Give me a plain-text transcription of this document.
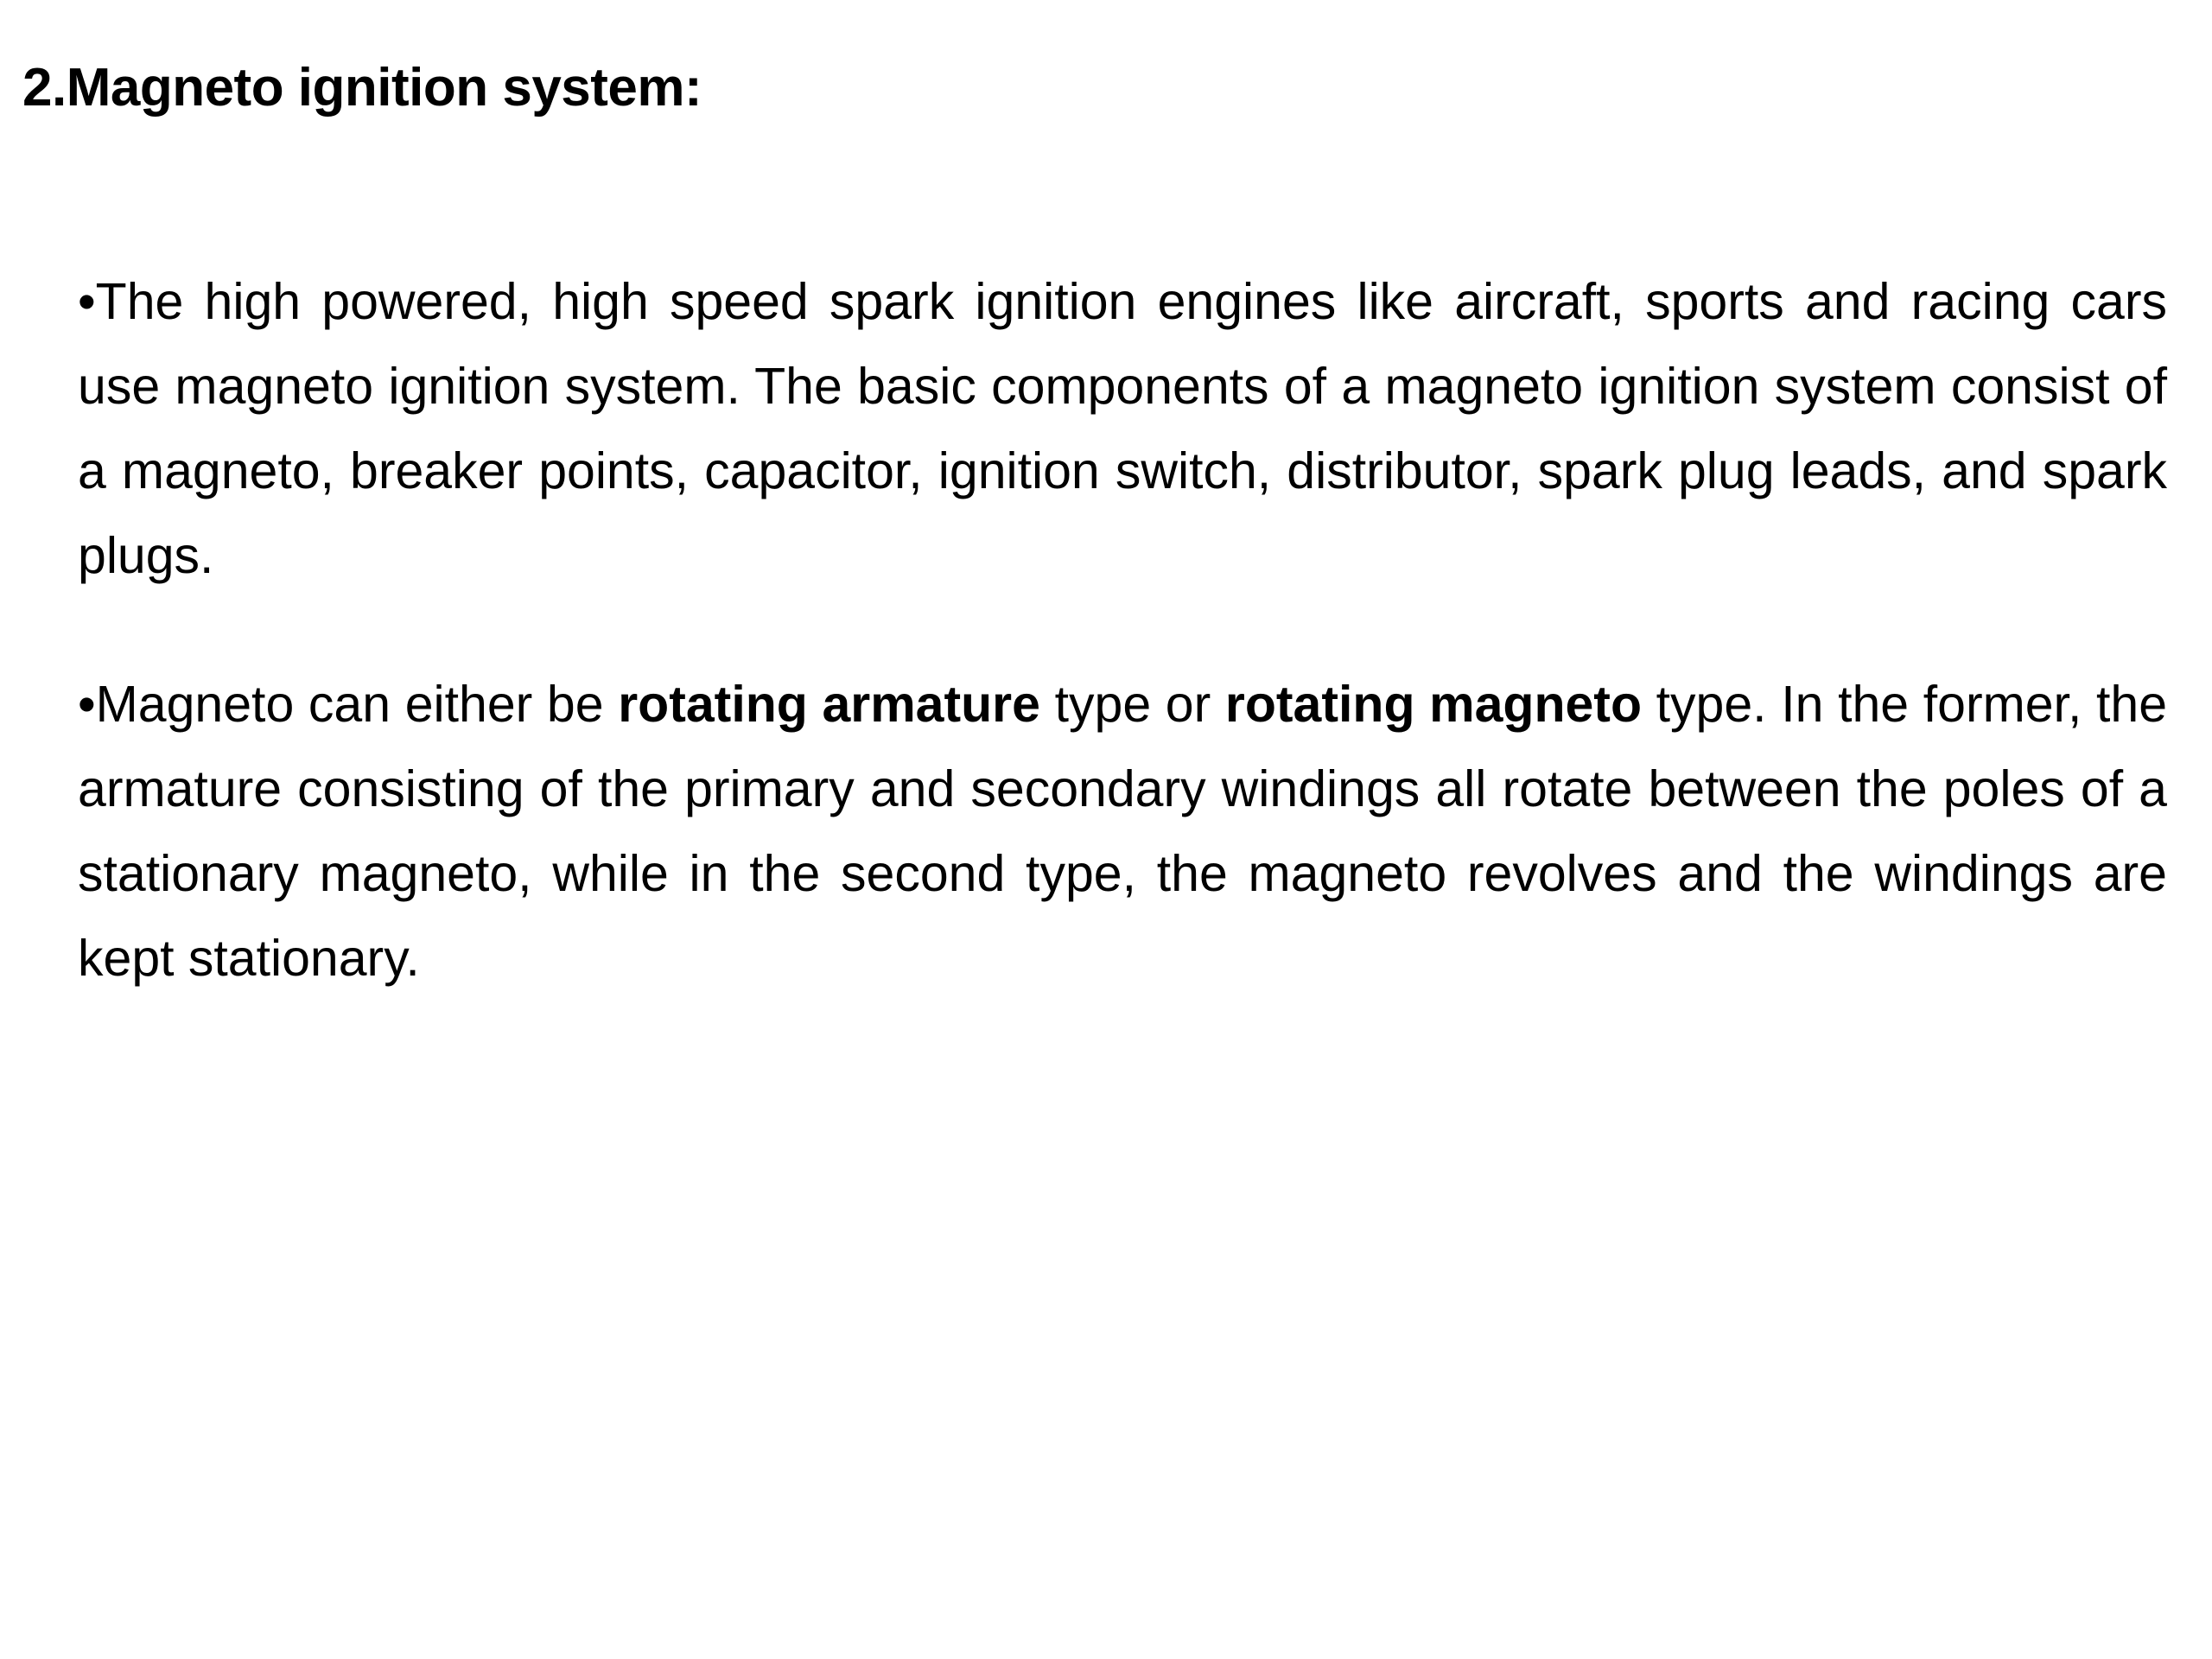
2.Magneto ignition system:
•The high powered, high speed spark ignition engines like aircraft, sports and racing cars use magneto ignition system. The basic components of a magneto ignition system consist of a magneto, breaker points, capacitor, ignition switch, distributor, spark plug leads, and spark plugs.
•Magneto can either be rotating armature type or rotating magneto type. In the former, the armature consisting of the primary and secondary windings all rotate between the poles of a stationary magneto, while in the second type, the magneto revolves and the windings are kept stationary.
